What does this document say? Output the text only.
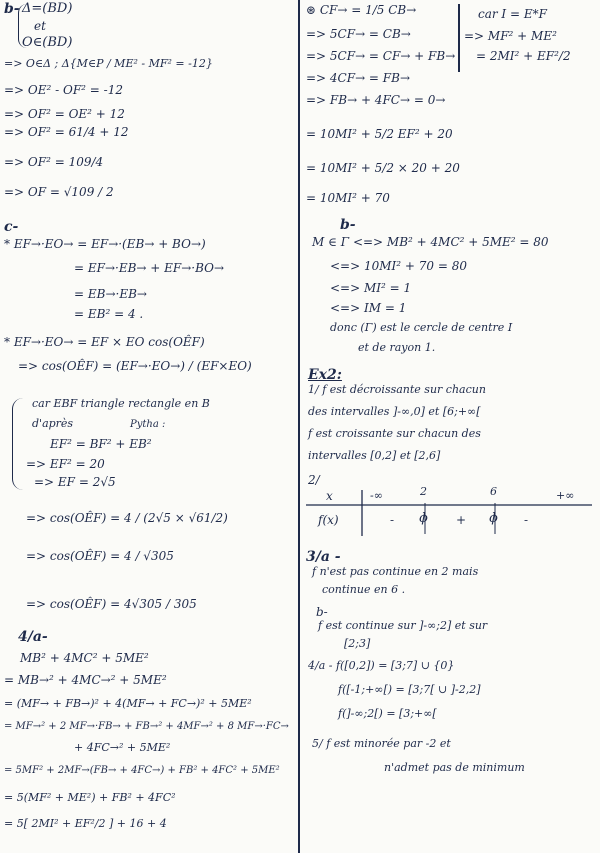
b- Δ=(BD)
et
O∈(BD)
=> O∈Δ ; Δ{M∈P / ME² - MF² = -12}
=> OE² - OF² = -12
=> OF² = OE² + 12
=> OF² = 61/4 + 12
=> OF² = 109/4
=> OF = √109 / 2
c-
* EF→·EO→ = EF→·(EB→ + BO→)
= EF→·EB→ + EF→·BO→
= EB→·EB→
= EB² = 4 .
* EF→·EO→ = EF × EO cos(OÊF)
=> cos(OÊF) = (EF→·EO→) / (EF×EO)
car EBF triangle rectangle en B
d'après	Pytha :
EF² = BF² + EB²
=> EF² = 20
=> EF = 2√5
=> cos(OÊF) = 4 / (2√5 × √61/2)
=> cos(OÊF) = 4 / √305
=> cos(OÊF) = 4√305 / 305
4/a-
MB² + 4MC² + 5ME²
= MB→² + 4MC→² + 5ME²
= (MF→ + FB→)² + 4(MF→ + FC→)² + 5ME²
= MF→² + 2 MF→·FB→ + FB→² + 4MF→² + 8 MF→·FC→
+ 4FC→² + 5ME²
= 5MF² + 2MF→(FB→ + 4FC→) + FB² + 4FC² + 5ME²
= 5(MF² + ME²) + FB² + 4FC²
= 5[ 2MI² + EF²/2 ] + 16 + 4
⊛ CF→ = 1/5 CB→
=> 5CF→ = CB→
=> 5CF→ = CF→ + FB→
=> 4CF→ = FB→
=> FB→ + 4FC→ = 0→
car I = E*F
=> MF² + ME²
= 2MI² + EF²/2
= 10MI² + 5/2 EF² + 20
= 10MI² + 5/2 × 20 + 20
= 10MI² + 70
b-
M ∈ Γ <=> MB² + 4MC² + 5ME² = 80
<=> 10MI² + 70 = 80
<=> MI² = 1
<=> IM = 1
donc (Γ) est le cercle de centre I
et de rayon 1.
Ex2:
1/ f est décroissante sur chacun
des intervalles ]-∞,0] et [6;+∞[
f est croissante sur chacun des
intervalles [0,2] et [2,6]
2/
x	-∞	2	6	+∞
f(x)	- ɸ + ɸ -
3/a -
f n'est pas continue en 2 mais
continue en 6 .
b-
f est continue sur ]-∞;2] et sur
[2;3]
4/a - f([0,2]) = [3;7] ∪ {0}
f([-1;+∞[) = [3;7[ ∪ ]-2,2]
f(]-∞;2[) = [3;+∞[
5/ f est minorée par -2 et
n'admet pas de minimum
